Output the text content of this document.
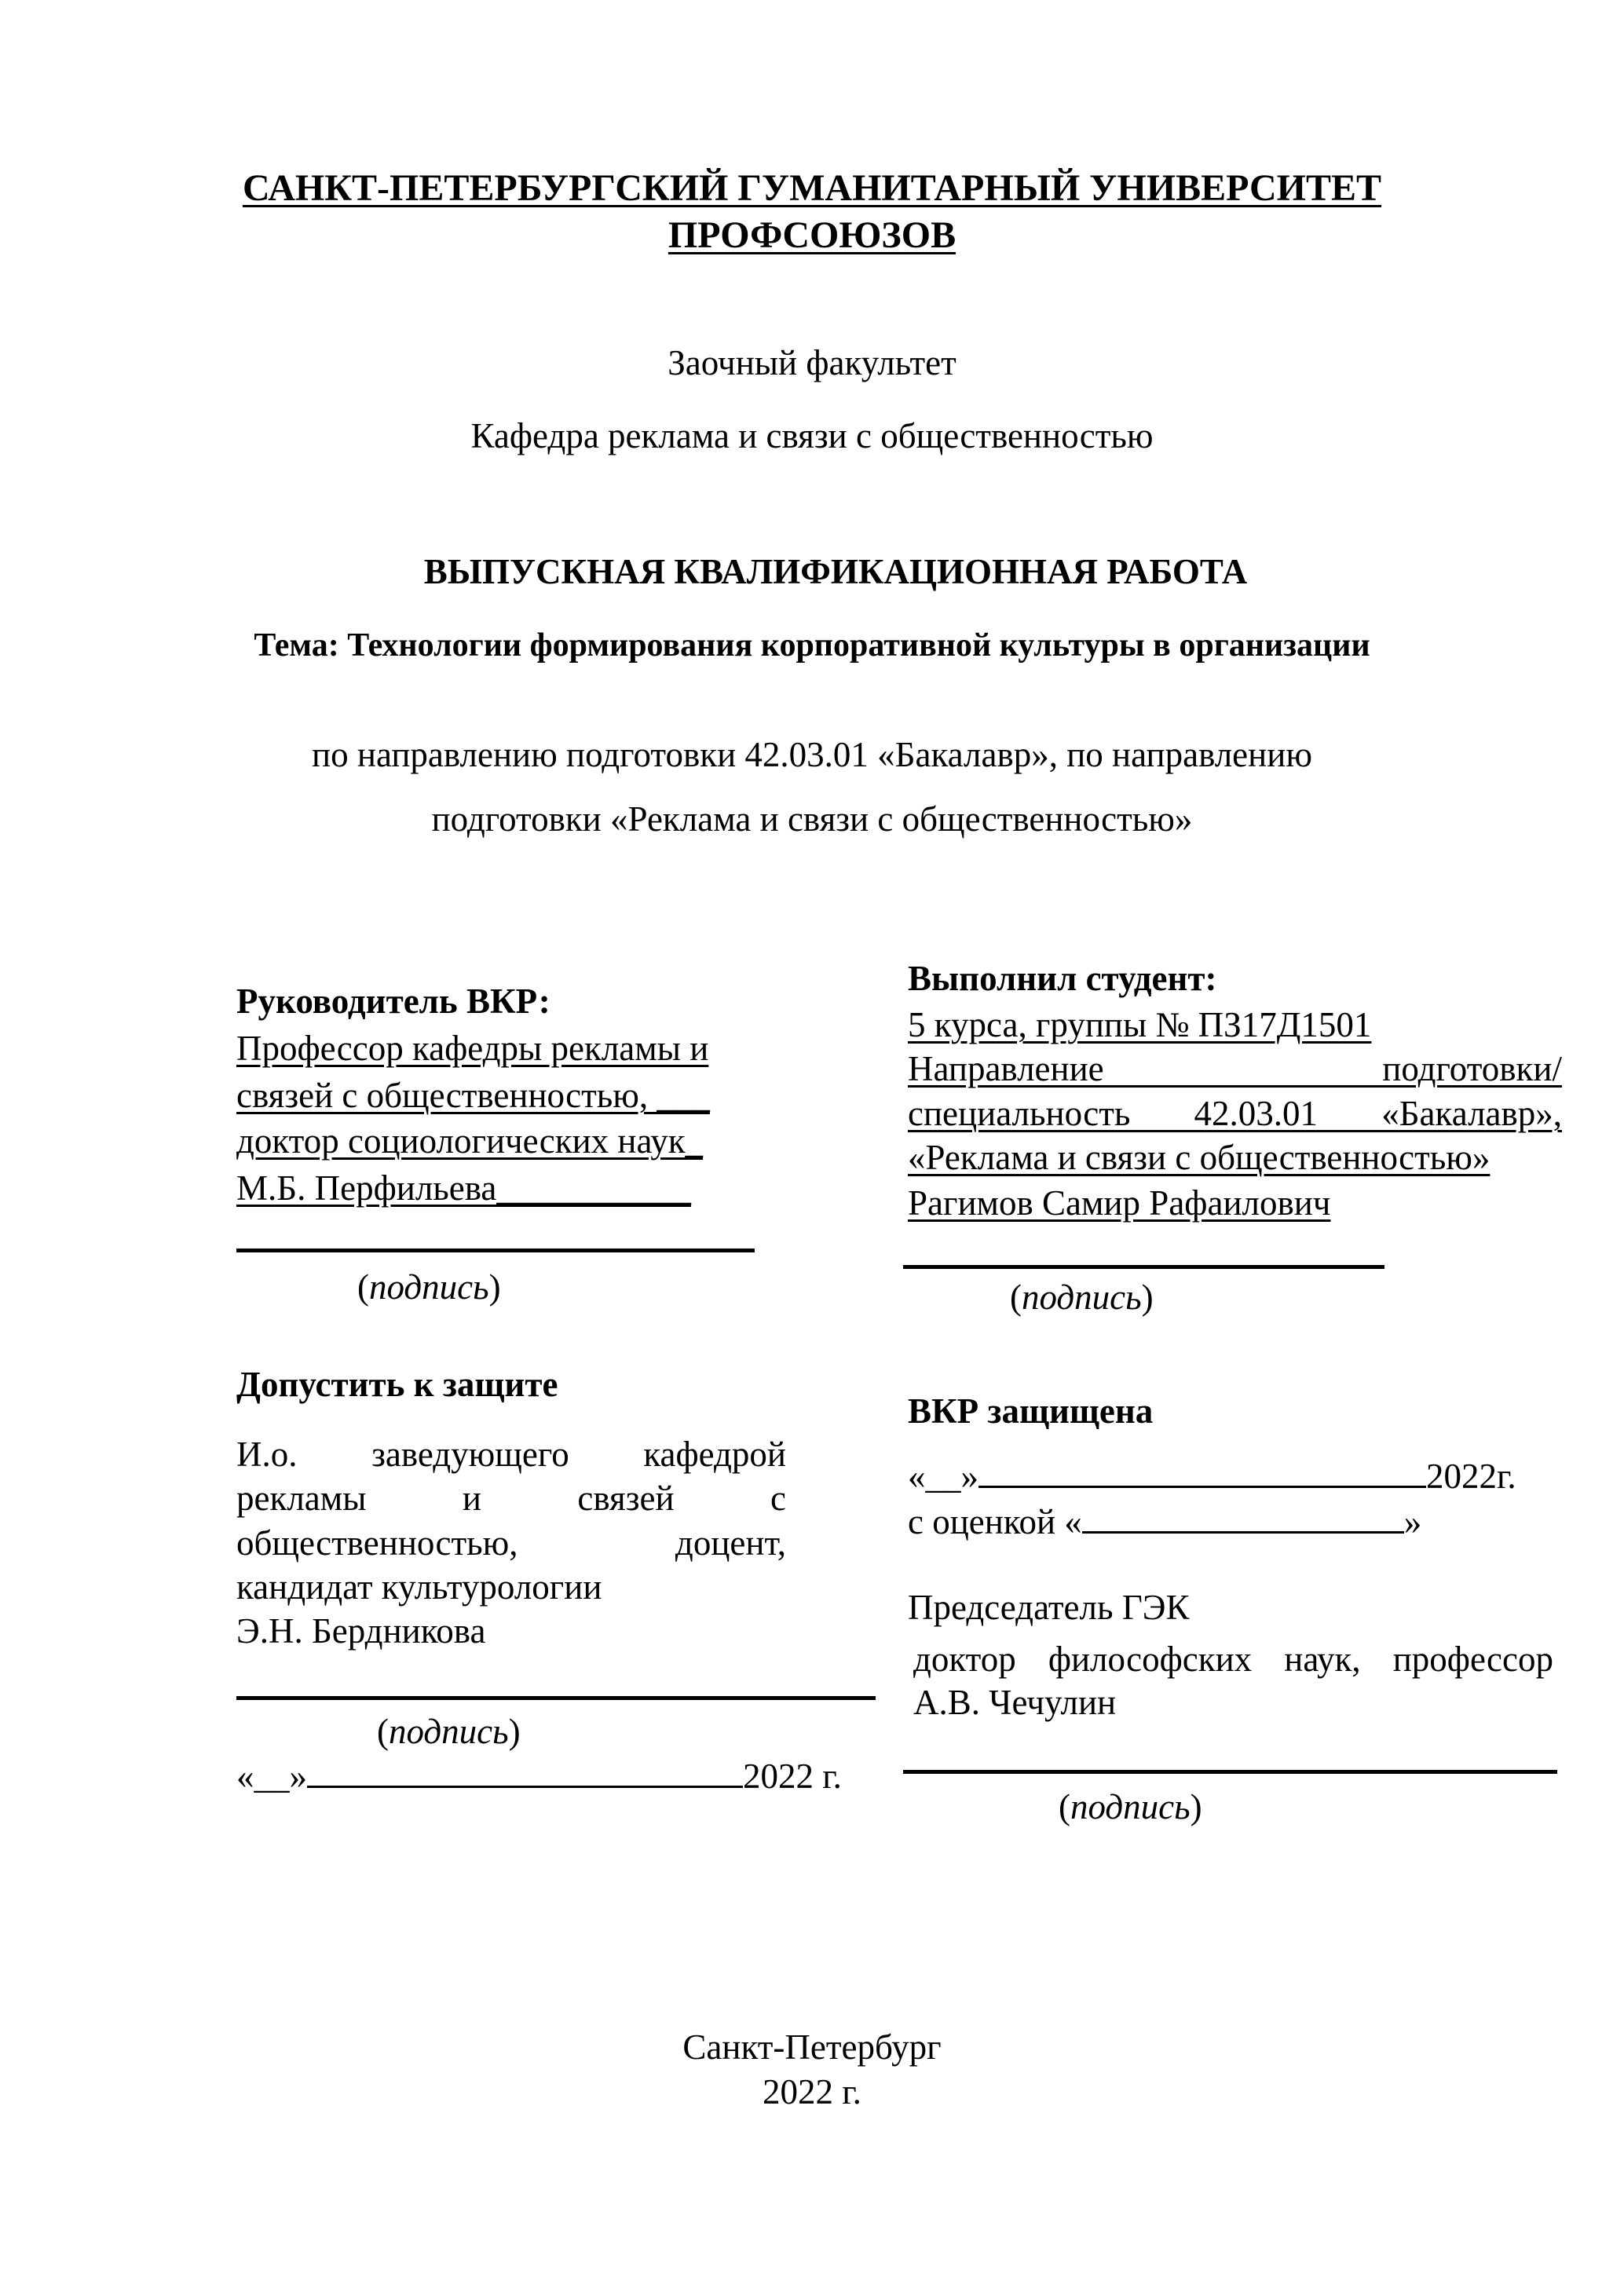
САНКТ-ПЕТЕРБУРГСКИЙ ГУМАНИТАРНЫЙ УНИВЕРСИТЕТ
ПРОФСОЮЗОВ
Заочный факультет
Кафедра реклама и связи с общественностью
ВЫПУСКНАЯ КВАЛИФИКАЦИОННАЯ РАБОТА
Тема: Технологии формирования корпоративной культуры в организации
по направлению подготовки 42.03.01 «Бакалавр», по направлению
подготовки «Реклама и связи с общественностью»
Руководитель ВКР:
Профессор кафедры рекламы и
связей с общественностью, ___
доктор социологических наук_
М.Б. Перфильева___________
(подпись)
Выполнил студент:
5 курса, группы № ПЗ17Д1501
Направление подготовки/
специальность 42.03.01 «Бакалавр»,
«Реклама и связи с общественностью»
Рагимов Самир Рафаилович
(подпись)
Допустить к защите
И.о. заведующего кафедрой
рекламы и связей с
общественностью, доцент,
кандидат культурологии
Э.Н. Бердникова
(подпись)
«__»	2022 г.
ВКР защищена
«__»	2022г.
с оценкой «	»
Председатель ГЭК
доктор философских наук, профессор
А.В. Чечулин
(подпись)
Санкт-Петербург
2022 г.
